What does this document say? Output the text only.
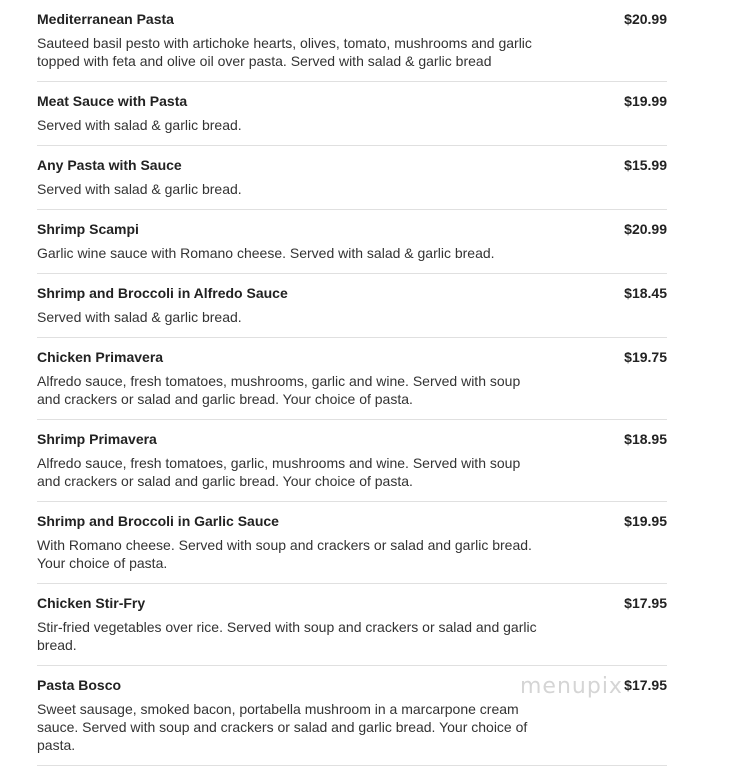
Mediterranean Pasta	$20.99
Sauteed basil pesto with artichoke hearts, olives, tomato, mushrooms and garlic topped with feta and olive oil over pasta. Served with salad & garlic bread
Meat Sauce with Pasta	$19.99
Served with salad & garlic bread.
Any Pasta with Sauce	$15.99
Served with salad & garlic bread.
Shrimp Scampi	$20.99
Garlic wine sauce with Romano cheese. Served with salad & garlic bread.
Shrimp and Broccoli in Alfredo Sauce	$18.45
Served with salad & garlic bread.
Chicken Primavera	$19.75
Alfredo sauce, fresh tomatoes, mushrooms, garlic and wine. Served with soup and crackers or salad and garlic bread. Your choice of pasta.
Shrimp Primavera	$18.95
Alfredo sauce, fresh tomatoes, garlic, mushrooms and wine. Served with soup and crackers or salad and garlic bread. Your choice of pasta.
Shrimp and Broccoli in Garlic Sauce	$19.95
With Romano cheese. Served with soup and crackers or salad and garlic bread. Your choice of pasta.
Chicken Stir-Fry	$17.95
Stir-fried vegetables over rice. Served with soup and crackers or salad and garlic bread.
Pasta Bosco	$17.95
Sweet sausage, smoked bacon, portabella mushroom in a marcarpone cream sauce. Served with soup and crackers or salad and garlic bread. Your choice of pasta.
menupix
